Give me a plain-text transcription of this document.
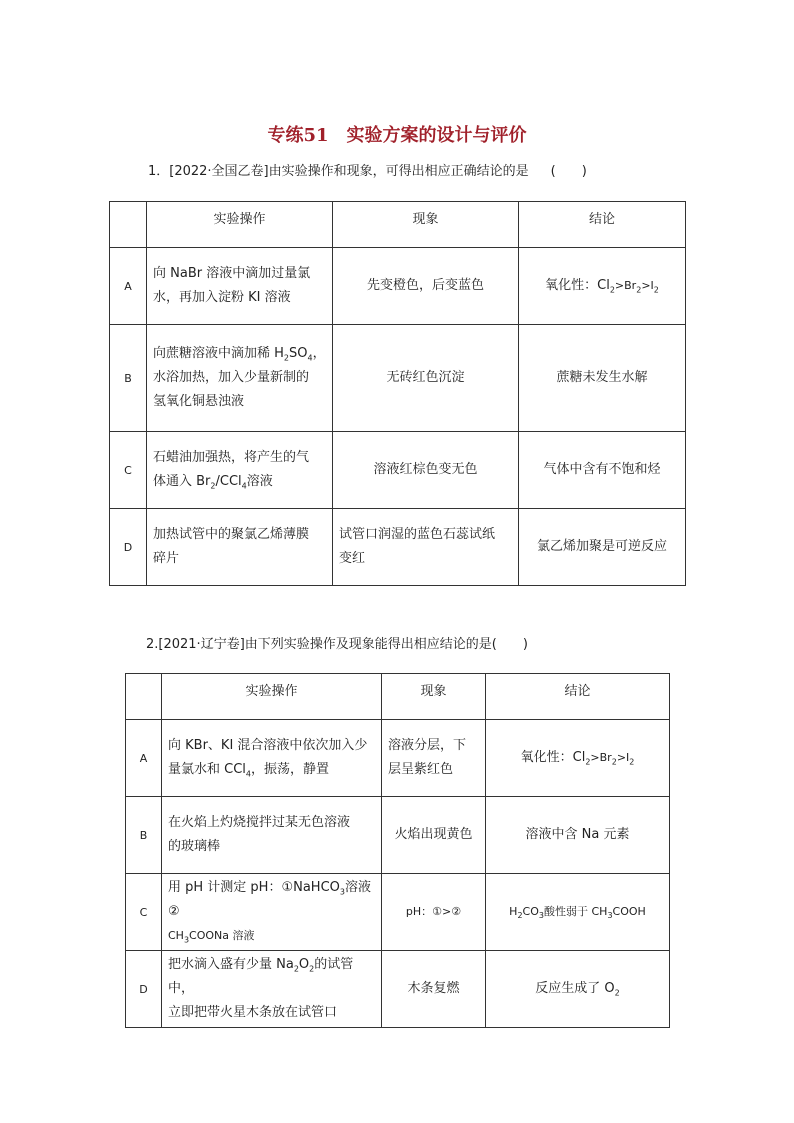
专练51　实验方案的设计与评价
1．[2022·全国乙卷]由实验操作和现象，可得出相应正确结论的是 (　　)
	实验操作	现象	结论
A	向 NaBr 溶液中滴加过量氯
水，再加入淀粉 KI 溶液	先变橙色，后变蓝色	氧化性：$Cl_2>Br_2>I_2$
B	向蔗糖溶液中滴加稀 $H_2SO_4$，
水浴加热，加入少量新制的
氢氧化铜悬浊液	无砖红色沉淀	蔗糖未发生水解
C	石蜡油加强热，将产生的气
体通入 $Br_2/CCl_4$溶液	溶液红棕色变无色	气体中含有不饱和烃
D	加热试管中的聚氯乙烯薄膜
碎片	试管口润湿的蓝色石蕊试纸
变红	氯乙烯加聚是可逆反应
2.[2021·辽宁卷]由下列实验操作及现象能得出相应结论的是(　　)
	实验操作	现象	结论
A	向 KBr、KI 混合溶液中依次加入少
量氯水和 CCl$_4$，振荡，静置	溶液分层，下
层呈紫红色	氧化性：$Cl_2>Br_2>I_2$
B	在火焰上灼烧搅拌过某无色溶液
的玻璃棒	火焰出现黄色	溶液中含 Na 元素
C	用 pH 计测定 pH：①NaHCO$_3$溶液②
$CH_3COONa$ 溶液	pH：①>②	$H_2CO_3$酸性弱于 $CH_3COOH$
D	把水滴入盛有少量 $Na_2O_2$的试管中，
立即把带火星木条放在试管口	木条复燃	反应生成了 $O_2$
